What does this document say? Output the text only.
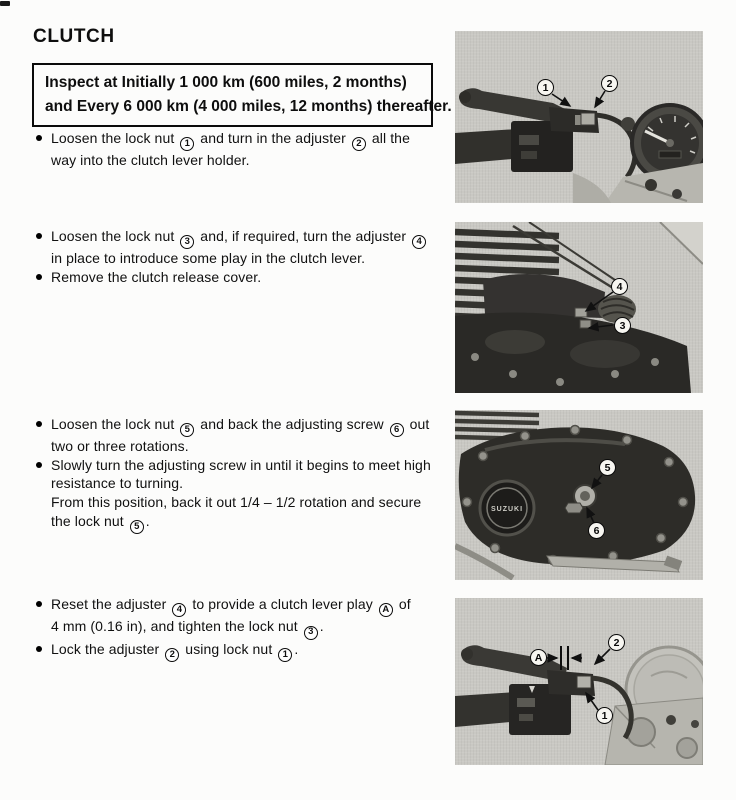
CLUTCH
Inspect at Initially 1 000 km (600 miles, 2 months)
and Every 6 000 km (4 000 miles, 12 months) thereafter.
Loosen the lock nut 1 and turn in the adjuster 2 all the
way into the clutch lever holder.
Loosen the lock nut 3 and, if required, turn the adjuster 4
in place to introduce some play in the clutch lever.
Remove the clutch release cover.
Loosen the lock nut 5 and back the adjusting screw 6 out
two or three rotations.
Slowly turn the adjusting screw in until it begins to meet high
resistance to turning.
From this position, back it out 1/4 – 1/2 rotation and secure
the lock nut 5 .
Reset the adjuster 4 to provide a clutch lever play A of
4 mm (0.16 in), and tighten the lock nut 3 .
Lock the adjuster 2 using lock nut 1 .
1	2
4
3
SUZUKI
5
6
A
2
1
